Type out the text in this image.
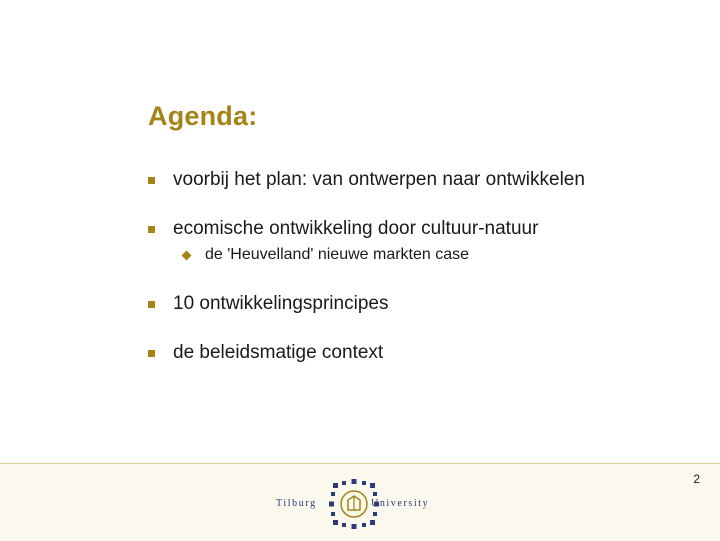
Agenda:
voorbij het plan: van ontwerpen naar ontwikkelen
ecomische ontwikkeling door cultuur-natuur
de 'Heuvelland' nieuwe markten case
10 ontwikkelingsprincipes
de beleidsmatige context
2
Tilburg	University
